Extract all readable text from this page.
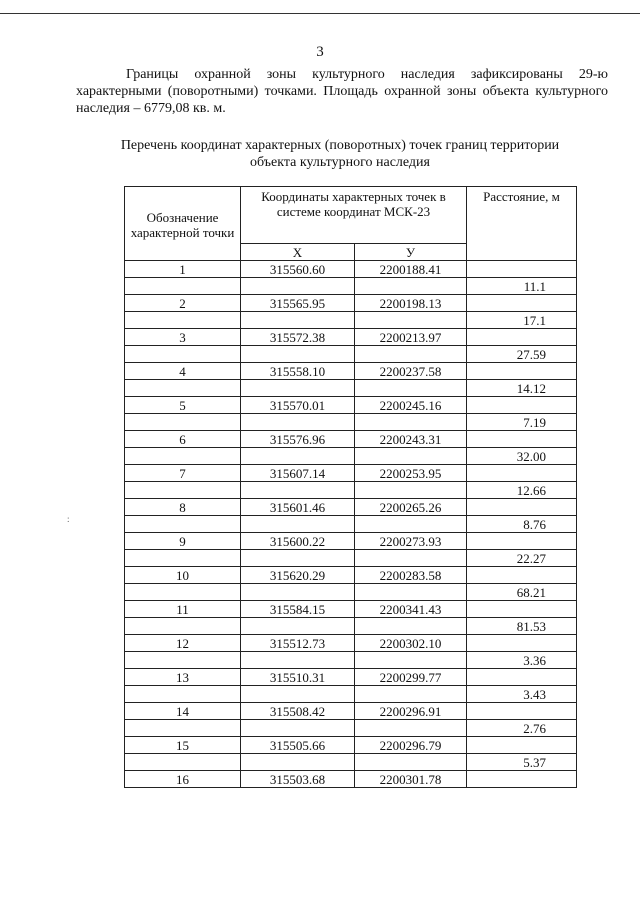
3
Границы охранной зоны культурного наследия зафиксированы 29-ю характерными (поворотными) точками. Площадь охранной зоны объекта культурного наследия – 6779,08 кв. м.
Перечень координат характерных (поворотных) точек границ территории объекта культурного наследия
:
Обозначение характерной точки	Координаты характерных точек в системе координат МСК-23		Расстояние, м
	X	У	
1	315560.60	2200188.41	
			11.1
2	315565.95	2200198.13	
			17.1
3	315572.38	2200213.97	
			27.59
4	315558.10	2200237.58	
			14.12
5	315570.01	2200245.16	
			7.19
6	315576.96	2200243.31	
			32.00
7	315607.14	2200253.95	
			12.66
8	315601.46	2200265.26	
			8.76
9	315600.22	2200273.93	
			22.27
10	315620.29	2200283.58	
			68.21
11	315584.15	2200341.43	
			81.53
12	315512.73	2200302.10	
			3.36
13	315510.31	2200299.77	
			3.43
14	315508.42	2200296.91	
			2.76
15	315505.66	2200296.79	
			5.37
16	315503.68	2200301.78	
